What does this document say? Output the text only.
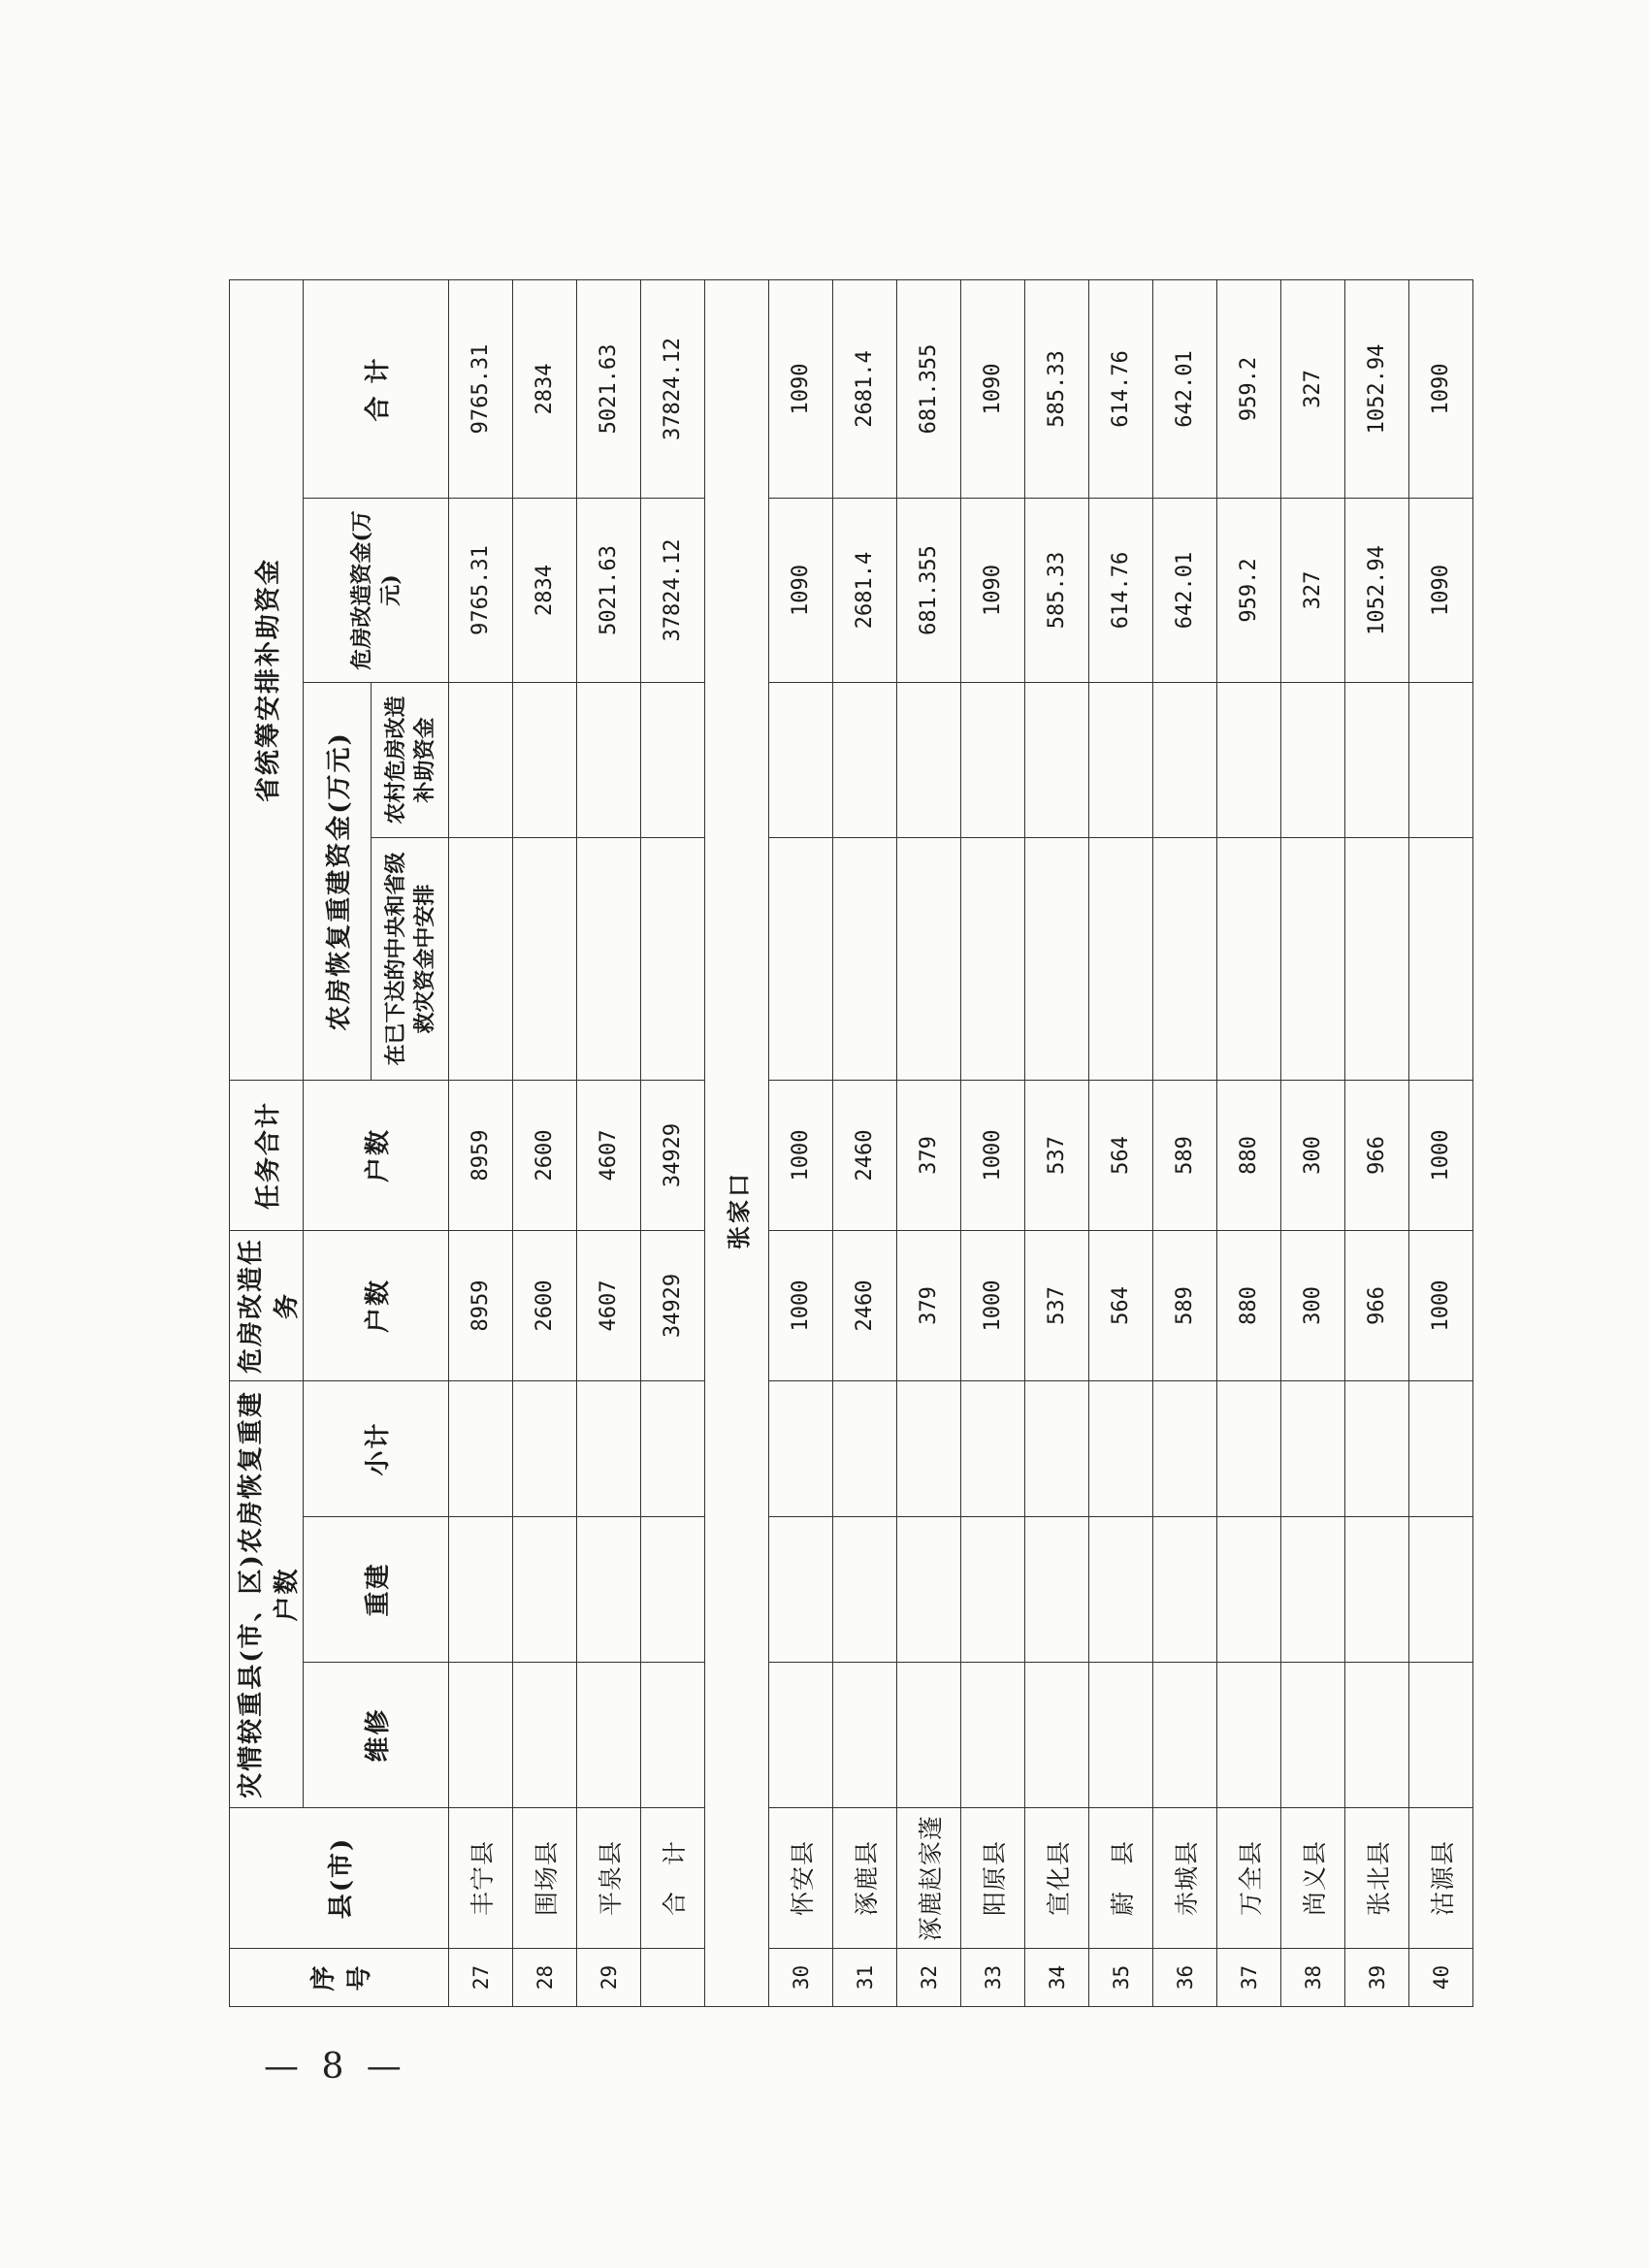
序号	县(市)	灾情较重县(市、区)农房恢复重建户数			危房改造任务	任务合计	省统筹安排补助资金			
		维修	重建	小计	户数	户数	农房恢复重建资金(万元)		危房改造资金(万元)	合 计
							在已下达的中央和省级救灾资金中安排	农村危房改造补助资金		
27	丰宁县				8959	8959			9765.31	9765.31
28	围场县				2600	2600			2834	2834
29	平泉县				4607	4607			5021.63	5021.63
	合　计				34929	34929			37824.12	37824.12
张家口										
30	怀安县				1000	1000			1090	1090
31	涿鹿县				2460	2460			2681.4	2681.4
32	涿鹿赵家蓬				379	379			681.355	681.355
33	阳原县				1000	1000			1090	1090
34	宣化县				537	537			585.33	585.33
35	蔚　县				564	564			614.76	614.76
36	赤城县				589	589			642.01	642.01
37	万全县				880	880			959.2	959.2
38	尚义县				300	300			327	327
39	张北县				966	966			1052.94	1052.94
40	沽源县				1000	1000			1090	1090
— 8 —
